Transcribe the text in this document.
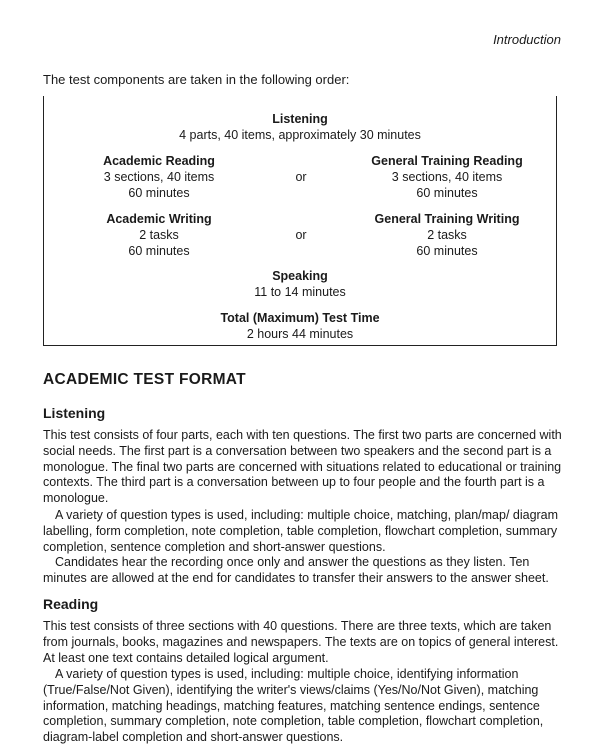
Introduction
The test components are taken in the following order:
Listening
4 parts, 40 items, approximately 30 minutes
Academic Reading
3 sections, 40 items
60 minutes
or
General Training Reading
3 sections, 40 items
60 minutes
Academic Writing
2 tasks
60 minutes
or
General Training Writing
2 tasks
60 minutes
Speaking
11 to 14 minutes
Total (Maximum) Test Time
2 hours 44 minutes
ACADEMIC TEST FORMAT
Listening

This test consists of four parts, each with ten questions. The first two parts are concerned with social needs. The first part is a conversation between two speakers and the second part is a monologue. The final two parts are concerned with situations related to educational or training contexts. The third part is a conversation between up to four people and the fourth part is a monologue.

A variety of question types is used, including: multiple choice, matching, plan/map/ diagram labelling, form completion, note completion, table completion, flowchart completion, summary completion, sentence completion and short-answer questions.

Candidates hear the recording once only and answer the questions as they listen. Ten minutes are allowed at the end for candidates to transfer their answers to the answer sheet.

Reading

This test consists of three sections with 40 questions. There are three texts, which are taken from journals, books, magazines and newspapers. The texts are on topics of general interest. At least one text contains detailed logical argument.

A variety of question types is used, including: multiple choice, identifying information (True/False/Not Given), identifying the writer's views/claims (Yes/No/Not Given), matching information, matching headings, matching features, matching sentence endings, sentence completion, summary completion, note completion, table completion, flowchart completion, diagram-label completion and short-answer questions.
